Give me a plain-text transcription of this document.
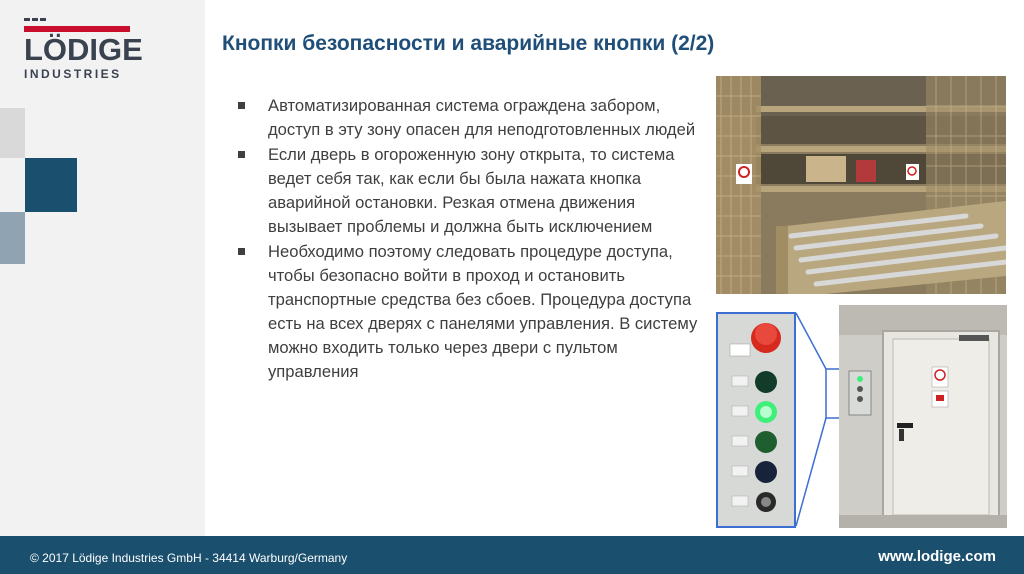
LÖDIGE
INDUSTRIES
Кнопки безопасности и аварийные кнопки (2/2)
Автоматизированная система ограждена забором, доступ в эту зону опасен для неподготовленных людей
Если дверь в огороженную зону открыта, то система ведет себя так, как если бы была нажата кнопка аварийной остановки. Резкая отмена движения вызывает проблемы и должна быть исключением
Необходимо поэтому следовать процедуре доступа, чтобы безопасно войти в проход и остановить транспортные средства без сбоев. Процедура доступа есть на всех дверях с панелями управления. В систему можно входить только через двери с пультом управления
© 2017 Lödige Industries GmbH - 34414 Warburg/Germany	www.lodige.com
